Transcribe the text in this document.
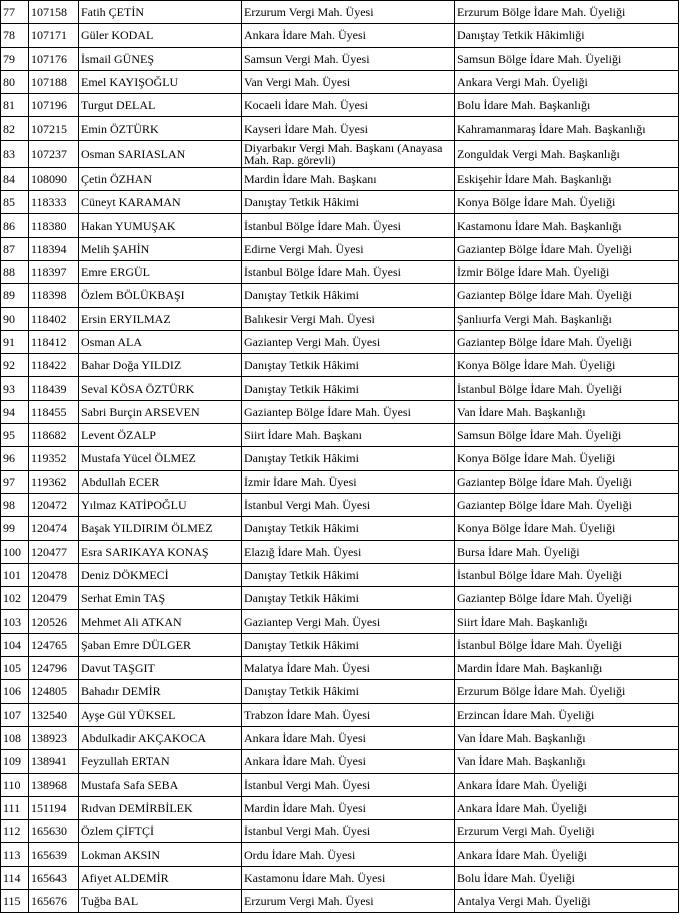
77	107158	Fatih ÇETİN	Erzurum Vergi Mah. Üyesi	Erzurum Bölge İdare Mah. Üyeliği
78	107171	Güler KODAL	Ankara İdare Mah. Üyesi	Danıştay Tetkik Hâkimliği
79	107176	İsmail GÜNEŞ	Samsun Vergi Mah. Üyesi	Samsun Bölge İdare Mah. Üyeliği
80	107188	Emel KAYIŞOĞLU	Van Vergi Mah. Üyesi	Ankara Vergi Mah. Üyeliği
81	107196	Turgut DELAL	Kocaeli İdare Mah. Üyesi	Bolu İdare Mah. Başkanlığı
82	107215	Emin ÖZTÜRK	Kayseri İdare Mah. Üyesi	Kahramanmaraş İdare Mah. Başkanlığı
83	107237	Osman SARIASLAN	Diyarbakır Vergi Mah. Başkanı (Anayasa Mah. Rap. görevli)	Zonguldak Vergi Mah. Başkanlığı
84	108090	Çetin ÖZHAN	Mardin İdare Mah. Başkanı	Eskişehir İdare Mah. Başkanlığı
85	118333	Cüneyt KARAMAN	Danıştay Tetkik Hâkimi	Konya Bölge İdare Mah. Üyeliği
86	118380	Hakan YUMUŞAK	İstanbul Bölge İdare Mah. Üyesi	Kastamonu İdare Mah. Başkanlığı
87	118394	Melih ŞAHİN	Edirne Vergi Mah. Üyesi	Gaziantep Bölge İdare Mah. Üyeliği
88	118397	Emre ERGÜL	İstanbul Bölge İdare Mah. Üyesi	İzmir Bölge İdare Mah. Üyeliği
89	118398	Özlem BÖLÜKBAŞI	Danıştay Tetkik Hâkimi	Gaziantep Bölge İdare Mah. Üyeliği
90	118402	Ersin ERYILMAZ	Balıkesir Vergi Mah. Üyesi	Şanlıurfa Vergi Mah. Başkanlığı
91	118412	Osman ALA	Gaziantep Vergi Mah. Üyesi	Gaziantep Bölge İdare Mah. Üyeliği
92	118422	Bahar Doğa YILDIZ	Danıştay Tetkik Hâkimi	Konya Bölge İdare Mah. Üyeliği
93	118439	Seval KÖSA ÖZTÜRK	Danıştay Tetkik Hâkimi	İstanbul Bölge İdare Mah. Üyeliği
94	118455	Sabri Burçin ARSEVEN	Gaziantep Bölge İdare Mah. Üyesi	Van İdare Mah. Başkanlığı
95	118682	Levent ÖZALP	Siirt İdare Mah. Başkanı	Samsun Bölge İdare Mah. Üyeliği
96	119352	Mustafa Yücel ÖLMEZ	Danıştay Tetkik Hâkimi	Konya Bölge İdare Mah. Üyeliği
97	119362	Abdullah ECER	İzmir İdare Mah. Üyesi	Gaziantep Bölge İdare Mah. Üyeliği
98	120472	Yılmaz KATİPOĞLU	İstanbul Vergi Mah. Üyesi	Gaziantep Bölge İdare Mah. Üyeliği
99	120474	Başak YILDIRIM ÖLMEZ	Danıştay Tetkik Hâkimi	Konya Bölge İdare Mah. Üyeliği
100	120477	Esra SARIKAYA KONAŞ	Elazığ İdare Mah. Üyesi	Bursa İdare Mah. Üyeliği
101	120478	Deniz DÖKMECİ	Danıştay Tetkik Hâkimi	İstanbul Bölge İdare Mah. Üyeliği
102	120479	Serhat Emin TAŞ	Danıştay Tetkik Hâkimi	Gaziantep Bölge İdare Mah. Üyeliği
103	120526	Mehmet Ali ATKAN	Gaziantep Vergi Mah. Üyesi	Siirt İdare Mah. Başkanlığı
104	124765	Şaban Emre DÜLGER	Danıştay Tetkik Hâkimi	İstanbul Bölge İdare Mah. Üyeliği
105	124796	Davut TAŞGIT	Malatya İdare Mah. Üyesi	Mardin İdare Mah. Başkanlığı
106	124805	Bahadır DEMİR	Danıştay Tetkik Hâkimi	Erzurum Bölge İdare Mah. Üyeliği
107	132540	Ayşe Gül YÜKSEL	Trabzon İdare Mah. Üyesi	Erzincan İdare Mah. Üyeliği
108	138923	Abdulkadir AKÇAKOCA	Ankara İdare Mah. Üyesi	Van İdare Mah. Başkanlığı
109	138941	Feyzullah ERTAN	Ankara İdare Mah. Üyesi	Van İdare Mah. Başkanlığı
110	138968	Mustafa Safa SEBA	İstanbul Vergi Mah. Üyesi	Ankara İdare Mah. Üyeliği
111	151194	Rıdvan DEMİRBİLEK	Mardin İdare Mah. Üyesi	Ankara İdare Mah. Üyeliği
112	165630	Özlem ÇİFTÇİ	İstanbul Vergi Mah. Üyesi	Erzurum Vergi Mah. Üyeliği
113	165639	Lokman AKSIN	Ordu İdare Mah. Üyesi	Ankara İdare Mah. Üyeliği
114	165643	Afiyet ALDEMİR	Kastamonu İdare Mah. Üyesi	Bolu İdare Mah. Üyeliği
115	165676	Tuğba BAL	Erzurum Vergi Mah. Üyesi	Antalya Vergi Mah. Üyeliği
